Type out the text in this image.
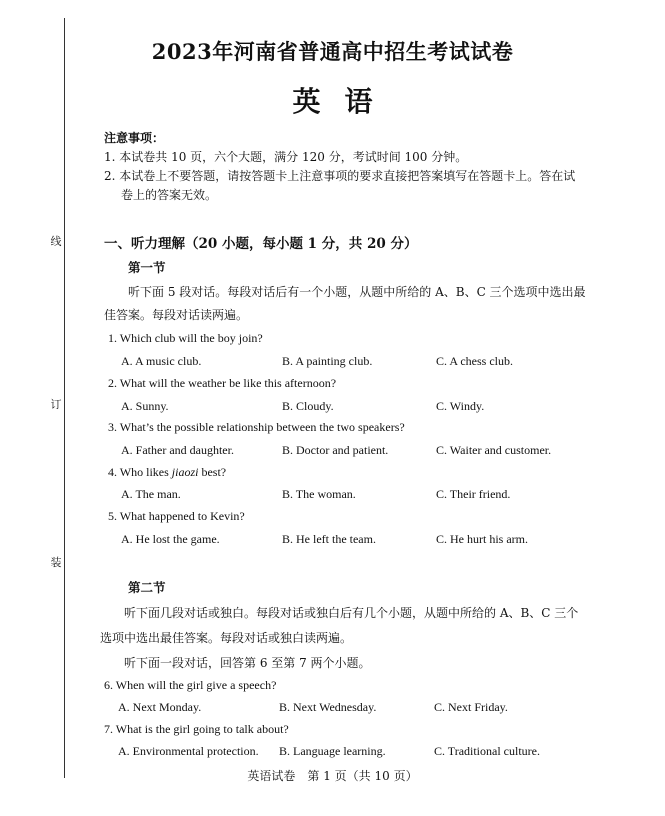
线
订
装
2023年河南省普通高中招生考试试卷
英语
注意事项：
1. 本试卷共 10 页，六个大题，满分 120 分，考试时间 100 分钟。
2. 本试卷上不要答题，请按答题卡上注意事项的要求直接把答案填写在答题卡上。答在试
卷上的答案无效。
一、听力理解（20 小题，每小题 1 分，共 20 分）
第一节
听下面 5 段对话。每段对话后有一个小题，从题中所给的 A、B、C 三个选项中选出最
佳答案。每段对话读两遍。
1. Which club will the boy join?
A. A music club.	B. A painting club.	C. A chess club.
2. What will the weather be like this afternoon?
A. Sunny.	B. Cloudy.	C. Windy.
3. What’s the possible relationship between the two speakers?
A. Father and daughter.	B. Doctor and patient.	C. Waiter and customer.
4. Who likes jiaozi best?
A. The man.	B. The woman.	C. Their friend.
5. What happened to Kevin?
A. He lost the game.	B. He left the team.	C. He hurt his arm.
第二节
听下面几段对话或独白。每段对话或独白后有几个小题，从题中所给的 A、B、C 三个
选项中选出最佳答案。每段对话或独白读两遍。
听下面一段对话，回答第 6 至第 7 两个小题。
6. When will the girl give a speech?
A. Next Monday.	B. Next Wednesday.	C. Next Friday.
7. What is the girl going to talk about?
A. Environmental protection. B. Language learning.	C. Traditional culture.
英语试卷　第 1 页（共 10 页）
